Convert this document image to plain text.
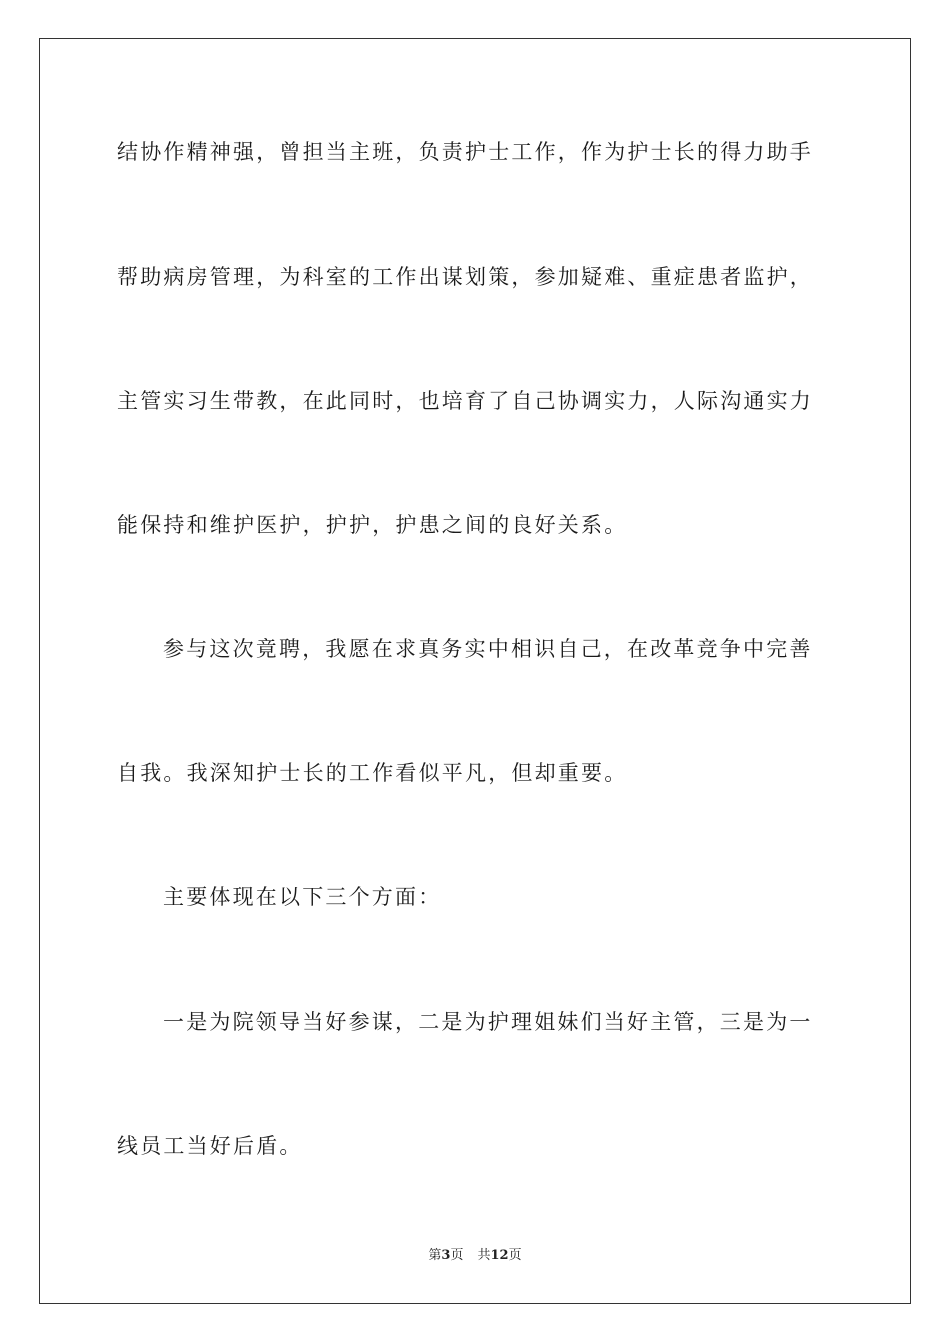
结协作精神强，曾担当主班，负责护士工作，作为护士长的得力助手
帮助病房管理，为科室的工作出谋划策，参加疑难、重症患者监护，
主管实习生带教，在此同时，也培育了自己协调实力，人际沟通实力
能保持和维护医护，护护，护患之间的良好关系。
参与这次竟聘，我愿在求真务实中相识自己，在改革竞争中完善
自我。我深知护士长的工作看似平凡，但却重要。
主要体现在以下三个方面：
一是为院领导当好参谋，二是为护理姐妹们当好主管，三是为一
线员工当好后盾。
第3页 共12页
